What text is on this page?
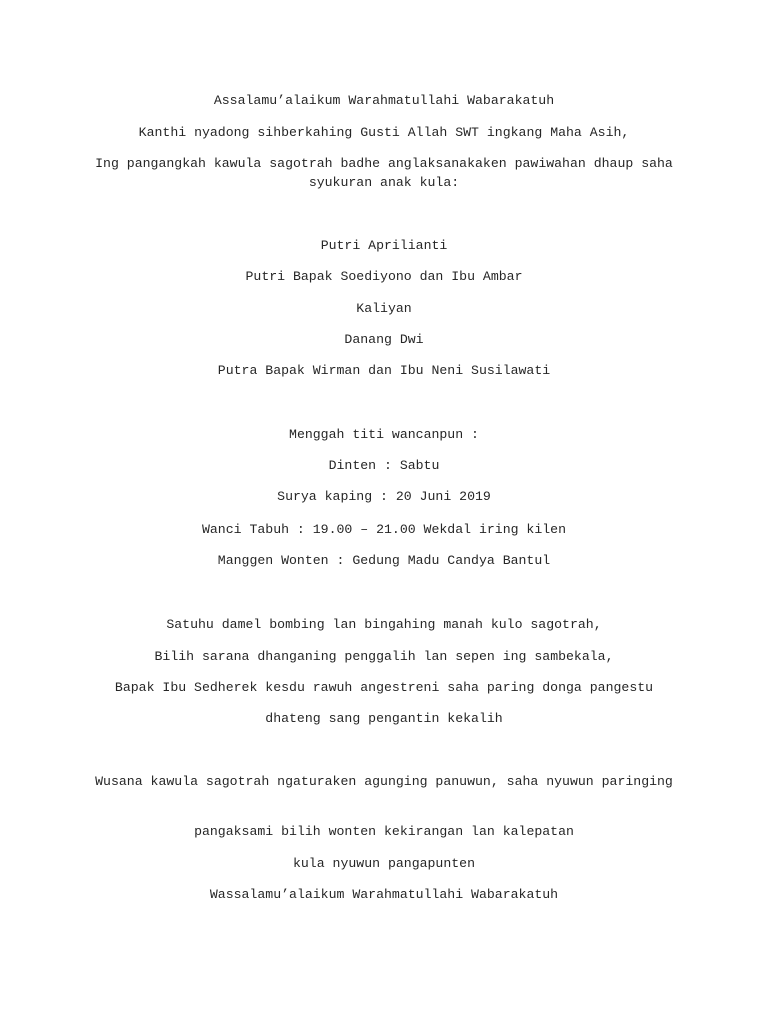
Assalamu’alaikum Warahmatullahi Wabarakatuh
Kanthi nyadong sihberkahing Gusti Allah SWT ingkang Maha Asih,
Ing pangangkah kawula sagotrah badhe anglaksanakaken pawiwahan dhaup saha syukuran anak kula:
Putri Aprilianti
Putri Bapak Soediyono dan Ibu Ambar
Kaliyan
Danang Dwi
Putra Bapak Wirman dan Ibu Neni Susilawati
Menggah titi wancanpun :
Dinten : Sabtu
Surya kaping : 20 Juni 2019
Wanci Tabuh : 19.00 – 21.00 Wekdal iring kilen
Manggen Wonten : Gedung Madu Candya Bantul
Satuhu damel bombing lan bingahing manah kulo sagotrah,
Bilih sarana dhanganing penggalih lan sepen ing sambekala,
Bapak Ibu Sedherek kesdu rawuh angestreni saha paring donga pangestu
dhateng sang pengantin kekalih
Wusana kawula sagotrah ngaturaken agunging panuwun, saha nyuwun paringing
pangaksami bilih wonten kekirangan lan kalepatan
kula nyuwun pangapunten
Wassalamu’alaikum Warahmatullahi Wabarakatuh
